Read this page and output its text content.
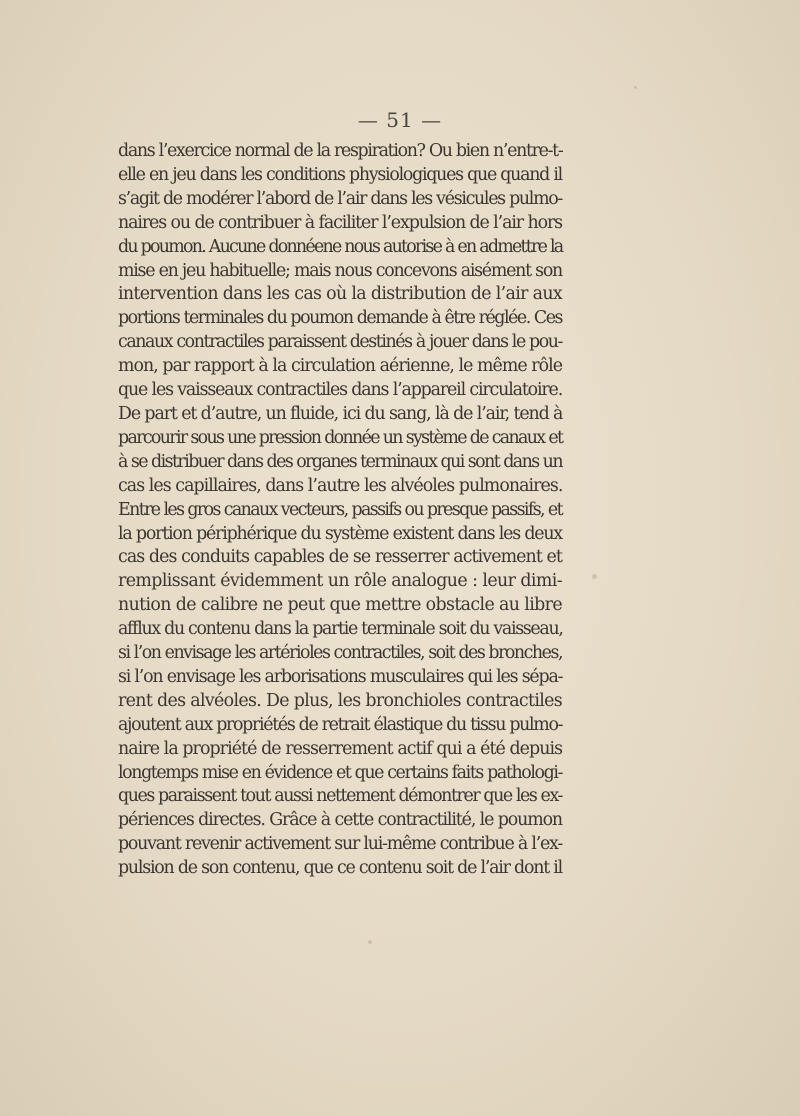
— 51 —
dans l’exercice normal de la respiration? Ou bien n’entre-t-
elle en jeu dans les conditions physiologiques que quand il
s’agit de modérer l’abord de l’air dans les vésicules pulmo-
naires ou de contribuer à faciliter l’expulsion de l’air hors
du poumon. Aucune donnéene nous autorise à en admettre la
mise en jeu habituelle; mais nous concevons aisément son
intervention dans les cas où la distribution de l’air aux
portions terminales du poumon demande à être réglée. Ces
canaux contractiles paraissent destinés à jouer dans le pou-
mon, par rapport à la circulation aérienne, le même rôle
que les vaisseaux contractiles dans l’appareil circulatoire.
De part et d’autre, un fluide, ici du sang, là de l’air, tend à
parcourir sous une pression donnée un système de canaux et
à se distribuer dans des organes terminaux qui sont dans un
cas les capillaires, dans l’autre les alvéoles pulmonaires.
Entre les gros canaux vecteurs, passifs ou presque passifs, et
la portion périphérique du système existent dans les deux
cas des conduits capables de se resserrer activement et
remplissant évidemment un rôle analogue : leur dimi-
nution de calibre ne peut que mettre obstacle au libre
afflux du contenu dans la partie terminale soit du vaisseau,
si l’on envisage les artérioles contractiles, soit des bronches,
si l’on envisage les arborisations musculaires qui les sépa-
rent des alvéoles. De plus, les bronchioles contractiles
ajoutent aux propriétés de retrait élastique du tissu pulmo-
naire la propriété de resserrement actif qui a été depuis
longtemps mise en évidence et que certains faits pathologi-
ques paraissent tout aussi nettement démontrer que les ex-
périences directes. Grâce à cette contractilité, le poumon
pouvant revenir activement sur lui-même contribue à l’ex-
pulsion de son contenu, que ce contenu soit de l’air dont il
